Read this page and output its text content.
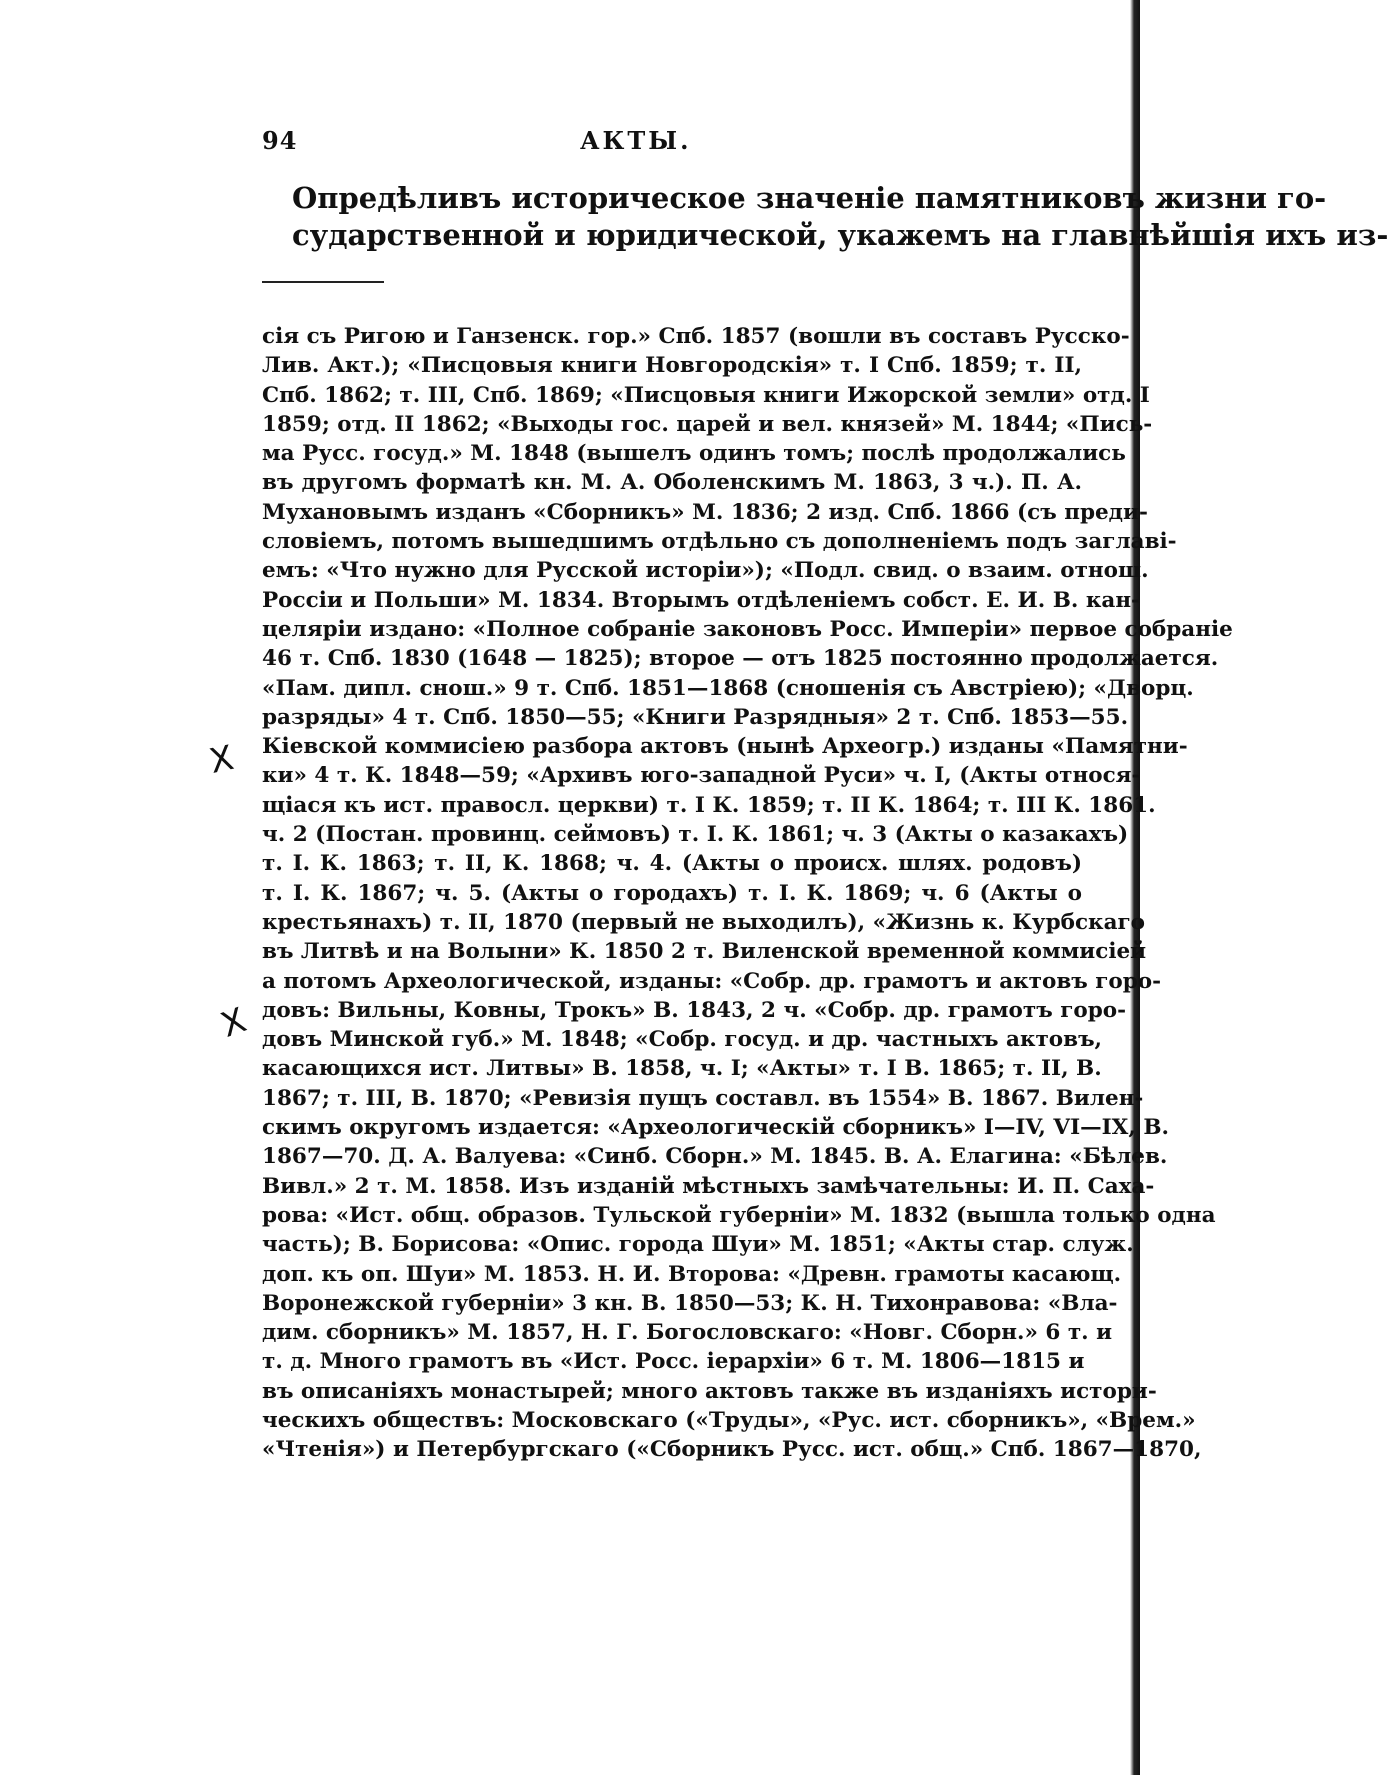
94	АКТЫ.

Опредѣливъ историческое значеніе памятниковъ жизни го-
сударственной и юридической, укажемъ на главнѣйшія ихъ из-

сія съ Ригою и Ганзенск. гор.» Спб. 1857 (вошли въ составъ Русско-
Лив. Акт.); «Писцовыя книги Новгородскія» т. I Спб. 1859; т. II,
Спб. 1862; т. III, Спб. 1869; «Писцовыя книги Ижорской земли» отд. I
1859; отд. II 1862; «Выходы гос. царей и вел. князей» М. 1844; «Пись-
ма Русс. госуд.» М. 1848 (вышелъ одинъ томъ; послѣ продолжались
въ другомъ форматѣ кн. М. А. Оболенскимъ М. 1863, 3 ч.). П. А.
Мухановымъ изданъ «Сборникъ» М. 1836; 2 изд. Спб. 1866 (съ преди-
словіемъ, потомъ вышедшимъ отдѣльно съ дополненіемъ подъ заглаві-
емъ: «Что нужно для Русской исторіи»); «Подл. свид. о взаим. отнош.
Россіи и Польши» М. 1834. Вторымъ отдѣленіемъ собст. Е. И. В. кан-
целяріи издано: «Полное собраніе законовъ Росс. Имперіи» первое собраніе
46 т. Спб. 1830 (1648 — 1825); второе — отъ 1825 постоянно продолжается.
«Пам. дипл. снош.» 9 т. Спб. 1851—1868 (сношенія съ Австріею); «Дворц.
разряды» 4 т. Спб. 1850—55; «Книги Разрядныя» 2 т. Спб. 1853—55.
Кіевской коммисіею разбора актовъ (нынѣ Археогр.) изданы «Памятни-
ки» 4 т. К. 1848—59; «Архивъ юго-западной Руси» ч. I, (Акты относя-
щіася къ ист. правосл. церкви) т. I К. 1859; т. II К. 1864; т. III К. 1861.
ч. 2 (Постан. провинц. сеймовъ) т. I. К. 1861; ч. 3 (Акты о казакахъ)
т. I. К. 1863; т. II, К. 1868; ч. 4. (Акты о происх. шлях. родовъ)
т. I. К. 1867; ч. 5. (Акты о городахъ) т. I. К. 1869; ч. 6 (Акты о
крестьянахъ) т. II, 1870 (первый не выходилъ), «Жизнь к. Курбскаго
въ Литвѣ и на Волыни» К. 1850 2 т. Виленской временной коммисіей
а потомъ Археологической, изданы: «Собр. др. грамотъ и актовъ горо-
довъ: Вильны, Ковны, Трокъ» В. 1843, 2 ч. «Собр. др. грамотъ горо-
довъ Минской губ.» М. 1848; «Собр. госуд. и др. частныхъ актовъ,
касающихся ист. Литвы» В. 1858, ч. I; «Акты» т. I В. 1865; т. II, В.
1867; т. III, В. 1870; «Ревизія пущъ составл. въ 1554» В. 1867. Вилен-
скимъ округомъ издается: «Археологическій сборникъ» I—IV, VI—IX, В.
1867—70. Д. А. Валуева: «Синб. Сборн.» М. 1845. В. А. Елагина: «Бѣлев.
Вивл.» 2 т. М. 1858. Изъ изданій мѣстныхъ замѣчательны: И. П. Саха-
рова: «Ист. общ. образов. Тульской губерніи» М. 1832 (вышла только одна
часть); В. Борисова: «Опис. города Шуи» М. 1851; «Акты стар. служ.
доп. къ оп. Шуи» М. 1853. Н. И. Второва: «Древн. грамоты касающ.
Воронежской губерніи» 3 кн. В. 1850—53; К. Н. Тихонравова: «Вла-
дим. сборникъ» М. 1857, Н. Г. Богословскаго: «Новг. Сборн.» 6 т. и
т. д. Много грамотъ въ «Ист. Росс. іерархіи» 6 т. М. 1806—1815 и
въ описаніяхъ монастырей; много актовъ также въ изданіяхъ истори-
ческихъ обществъ: Московскаго («Труды», «Рус. ист. сборникъ», «Врем.»
«Чтенія») и Петербургскаго («Сборникъ Русс. ист. общ.» Спб. 1867—1870,
X
X
